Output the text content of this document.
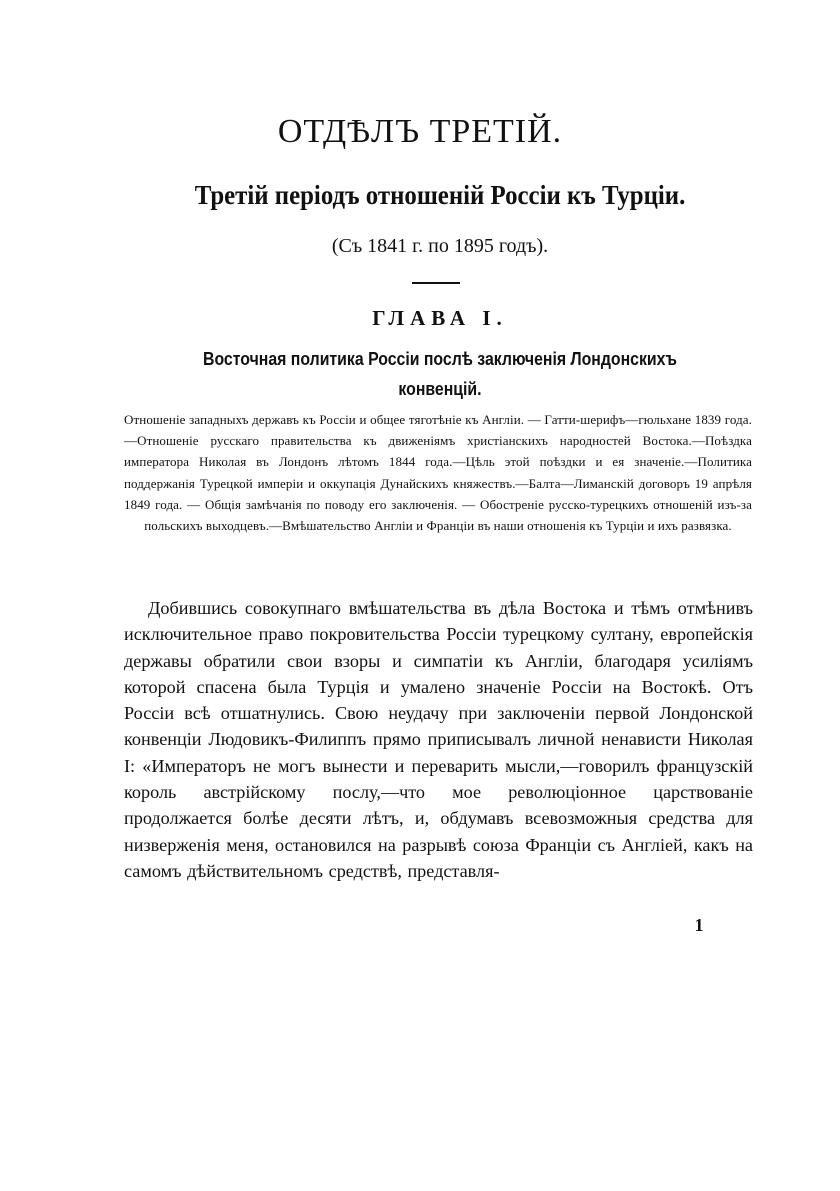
ОТДѢЛЪ ТРЕТІЙ.
Третій періодъ отношеній Россіи къ Турціи.
(Съ 1841 г. по 1895 годъ).
ГЛАВА I.
Восточная политика Россіи послѣ заключенія Лондонскихъ конвенцій.

Отношеніе западныхъ державъ къ Россіи и общее тяготѣніе къ Англіи. — Гатти-шерифъ—гюльхане 1839 года.—Отношеніе русскаго правительства къ движеніямъ христіанскихъ народностей Востока.—Поѣздка императора Николая въ Лондонъ лѣтомъ 1844 года.—Цѣль этой поѣздки и ея значеніе.—Политика поддержанія Турецкой имперіи и оккупація Дунайскихъ княжествъ.—Балта—Лиманскій договоръ 19 апрѣля 1849 года. — Общія замѣчанія по поводу его заключенія. — Обостреніе русско-турецкихъ отношеній изъ-за польскихъ выходцевъ.—Вмѣшательство Англіи и Франціи въ наши отношенія къ Турціи и ихъ развязка.

Добившись совокупнаго вмѣшательства въ дѣла Востока и тѣмъ отмѣнивъ исключительное право покровительства Россіи турецкому султану, европейскія державы обратили свои взоры и симпатіи къ Англіи, благодаря усиліямъ которой спасена была Турція и умалено значеніе Россіи на Востокѣ. Отъ Россіи всѣ отшатнулись. Свою неудачу при заключеніи первой Лондонской конвенціи Людовикъ-Филиппъ прямо приписывалъ личной ненависти Николая I: «Императоръ не могъ вынести и переварить мысли,—говорилъ французскій король австрійскому послу,—что мое революціонное царствованіе продолжается болѣе десяти лѣтъ, и, обдумавъ всевозможныя средства для низверженія меня, остановился на разрывѣ союза Франціи съ Англіей, какъ на самомъ дѣйствительномъ средствѣ, представля-

1
